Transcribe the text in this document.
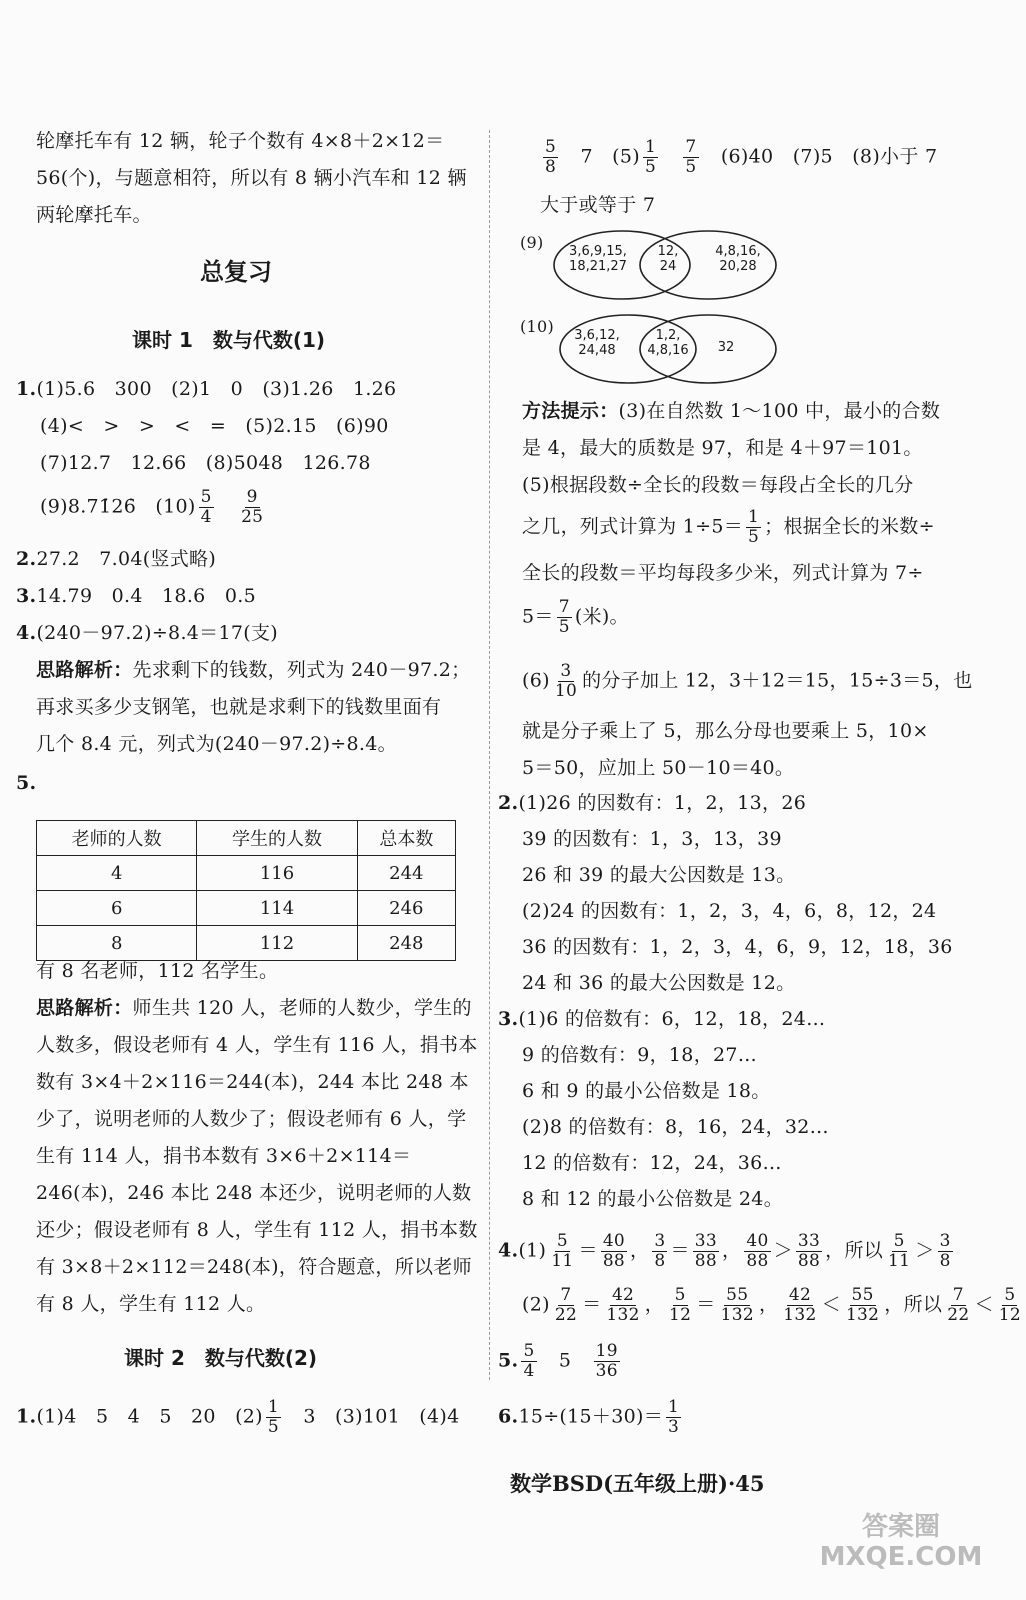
轮摩托车有 12 辆，轮子个数有 4×8＋2×12＝
56(个)，与题意相符，所以有 8 辆小汽车和 12 辆
两轮摩托车。
总复习
课时 1　数与代数(1)
1.(1)5.6　300　(2)1　0　(3)1.26　1.26
(4)<　>　>　<　=　(5)2.15　(6)90
(7)12.7　12.66　(8)5048　126.78
(9)8.71̇26̇　 $(10) \frac{5}{4}$
　 $\frac{9}{25}$
2.27.2　7.04(竖式略)
3.14.79　0.4　18.6　0.5
4.(240－97.2)÷8.4＝17(支)
思路解析：先求剩下的钱数，列式为 240－97.2；
再求买多少支钢笔，也就是求剩下的钱数里面有
几个 8.4 元，列式为(240－97.2)÷8.4。
5.
老师的人数	学生的人数	总本数
4	116	244
6	114	246
8	112	248
有 8 名老师，112 名学生。
思路解析：师生共 120 人，老师的人数少，学生的
人数多，假设老师有 4 人，学生有 116 人，捐书本
数有 3×4＋2×116＝244(本)，244 本比 248 本
少了，说明老师的人数少了；假设老师有 6 人，学
生有 114 人，捐书本数有 3×6＋2×114＝
246(本)，246 本比 248 本还少，说明老师的人数
还少；假设老师有 8 人，学生有 112 人，捐书本数
有 3×8＋2×112＝248(本)，符合题意，所以老师
有 8 人，学生有 112 人。
课时 2　数与代数(2)
1.(1)4　5　4　5　20　$(2) \frac{1}{5}$
　 3　(3)101　(4)4
$\frac{5}{8}$
　 7　$(5) \frac{1}{5}$
　 $\frac{7}{5}$
　 (6)40　(7)5　(8)小于 7
大于或等于 7
(9)	3,6,9,15,
18,21,27
12,
24
4,8,16,
20,28
(10)	3,6,12,
24,48
1,2,
4,8,16	32
方法提示：(3)在自然数 1～100 中，最小的合数
是 4，最大的质数是 97，和是 4＋97＝101。
(5)根据段数÷全长的段数＝每段占全长的几分
之几，列式计算为 $1\div 5= \frac{1}{5}$ ；根据全长的米数÷
全长的段数＝平均每段多少米，列式计算为 7÷
$5= \frac{7}{5}$ (米)。
$(6) \frac{3}{10}$ 的分子加上 12，3＋12＝15，15÷3＝5，也
就是分子乘上了 5，那么分母也要乘上 5，10×
5＝50，应加上 50－10＝40。
2.(1)26 的因数有：1，2，13，26
39 的因数有：1，3，13，39
26 和 39 的最大公因数是 13。
(2)24 的因数有：1，2，3，4，6，8，12，24
36 的因数有：1，2，3，4，6，9，12，18，36
24 和 36 的最大公因数是 12。
3.(1)6 的倍数有：6，12，18，24…
9 的倍数有：9，18，27…
6 和 9 的最小公倍数是 18。
(2)8 的倍数有：8，16，24，32…
12 的倍数有：12，24，36…
8 和 12 的最小公倍数是 24。
$4.(1) \frac{5}{11} = \frac{40}{88}$ ， $\frac{3}{8} = \frac{33}{88}$ ， $\frac{40}{88} > \frac{33}{88}$ ，所以 $\frac{5}{11} > \frac{3}{8}$
$(2) \frac{7}{22} = \frac{42}{132}$ ， $\frac{5}{12} = \frac{55}{132}$ ， $\frac{42}{132} < \frac{55}{132}$ ，所以 $\frac{7}{22} < \frac{5}{12}$
5. $\frac{5}{4}$
　 5　 $\frac{19}{36}$
$6.15\div(15+30)= \frac{1}{3}$
数学BSD(五年级上册)·45
答案圈 MXQE.COM
